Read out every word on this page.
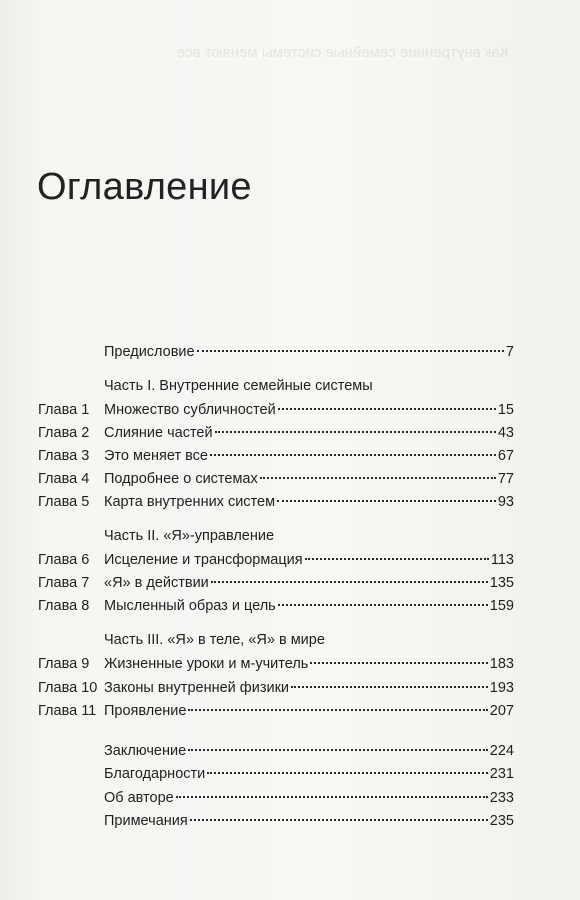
Как внутренние семейные системы меняют все
Оглавление
Предисловие	7
Часть I. Внутренние семейные системы
Глава 1 Множество субличностей	15
Глава 2 Слияние частей	43
Глава 3 Это меняет все	67
Глава 4 Подробнее о системах	77
Глава 5 Карта внутренних систем	93
Часть II. «Я»-управление
Глава 6 Исцеление и трансформация	113
Глава 7 «Я» в действии	135
Глава 8 Мысленный образ и цель	159
Часть III. «Я» в теле, «Я» в мире
Глава 9 Жизненные уроки и м-учитель	183
Глава 10 Законы внутренней физики	193
Глава 11 Проявление	207
Заключение	224
Благодарности	231
Об авторе	233
Примечания	235
